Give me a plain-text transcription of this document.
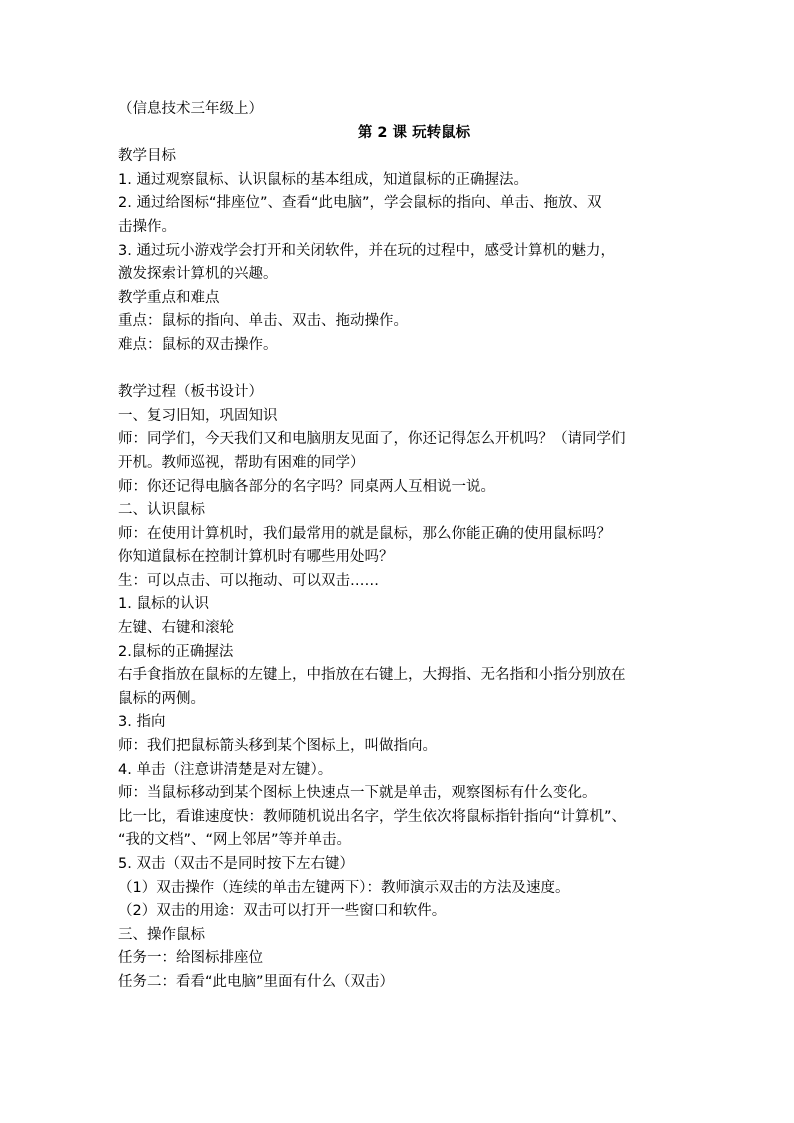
（信息技术三年级上）
第 2 课 玩转鼠标
教学目标
1. 通过观察鼠标、认识鼠标的基本组成，知道鼠标的正确握法。
2. 通过给图标“排座位”、查看“此电脑”，学会鼠标的指向、单击、拖放、双
击操作。
3. 通过玩小游戏学会打开和关闭软件，并在玩的过程中，感受计算机的魅力，
激发探索计算机的兴趣。
教学重点和难点
重点：鼠标的指向、单击、双击、拖动操作。
难点：鼠标的双击操作。
教学过程（板书设计）
一、复习旧知，巩固知识
师：同学们，今天我们又和电脑朋友见面了，你还记得怎么开机吗？（请同学们
开机。教师巡视，帮助有困难的同学）
师：你还记得电脑各部分的名字吗？同桌两人互相说一说。
二、认识鼠标
师：在使用计算机时，我们最常用的就是鼠标，那么你能正确的使用鼠标吗？
你知道鼠标在控制计算机时有哪些用处吗？
生：可以点击、可以拖动、可以双击……
1. 鼠标的认识
左键、右键和滚轮
2.鼠标的正确握法
右手食指放在鼠标的左键上，中指放在右键上，大拇指、无名指和小指分别放在
鼠标的两侧。
3. 指向
师：我们把鼠标箭头移到某个图标上，叫做指向。
4. 单击（注意讲清楚是对左键）。
师：当鼠标移动到某个图标上快速点一下就是单击，观察图标有什么变化。
比一比，看谁速度快：教师随机说出名字，学生依次将鼠标指针指向“计算机”、
“我的文档”、“网上邻居”等并单击。
5. 双击（双击不是同时按下左右键）
（1）双击操作（连续的单击左键两下）：教师演示双击的方法及速度。
（2）双击的用途：双击可以打开一些窗口和软件。
三、操作鼠标
任务一：给图标排座位
任务二：看看“此电脑”里面有什么（双击）
